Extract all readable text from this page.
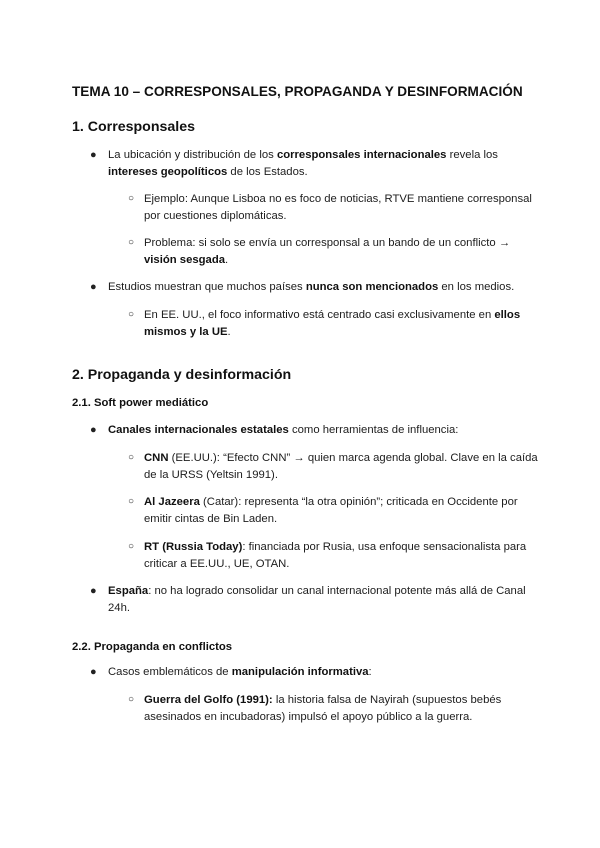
TEMA 10 – CORRESPONSALES, PROPAGANDA Y DESINFORMACIÓN
1. Corresponsales
● La ubicación y distribución de los corresponsales internacionales revela los intereses geopolíticos de los Estados.
○ Ejemplo: Aunque Lisboa no es foco de noticias, RTVE mantiene corresponsal por cuestiones diplomáticas.
○ Problema: si solo se envía un corresponsal a un bando de un conflicto → visión sesgada.
● Estudios muestran que muchos países nunca son mencionados en los medios.
○ En EE. UU., el foco informativo está centrado casi exclusivamente en ellos mismos y la UE.
2. Propaganda y desinformación
2.1. Soft power mediático
● Canales internacionales estatales como herramientas de influencia:
○ CNN (EE.UU.): “Efecto CNN” → quien marca agenda global. Clave en la caída de la URSS (Yeltsin 1991).
○ Al Jazeera (Catar): representa “la otra opinión”; criticada en Occidente por emitir cintas de Bin Laden.
○ RT (Russia Today): financiada por Rusia, usa enfoque sensacionalista para criticar a EE.UU., UE, OTAN.
● España: no ha logrado consolidar un canal internacional potente más allá de Canal 24h.
2.2. Propaganda en conflictos
● Casos emblemáticos de manipulación informativa:
○ Guerra del Golfo (1991): la historia falsa de Nayirah (supuestos bebés asesinados en incubadoras) impulsó el apoyo público a la guerra.
